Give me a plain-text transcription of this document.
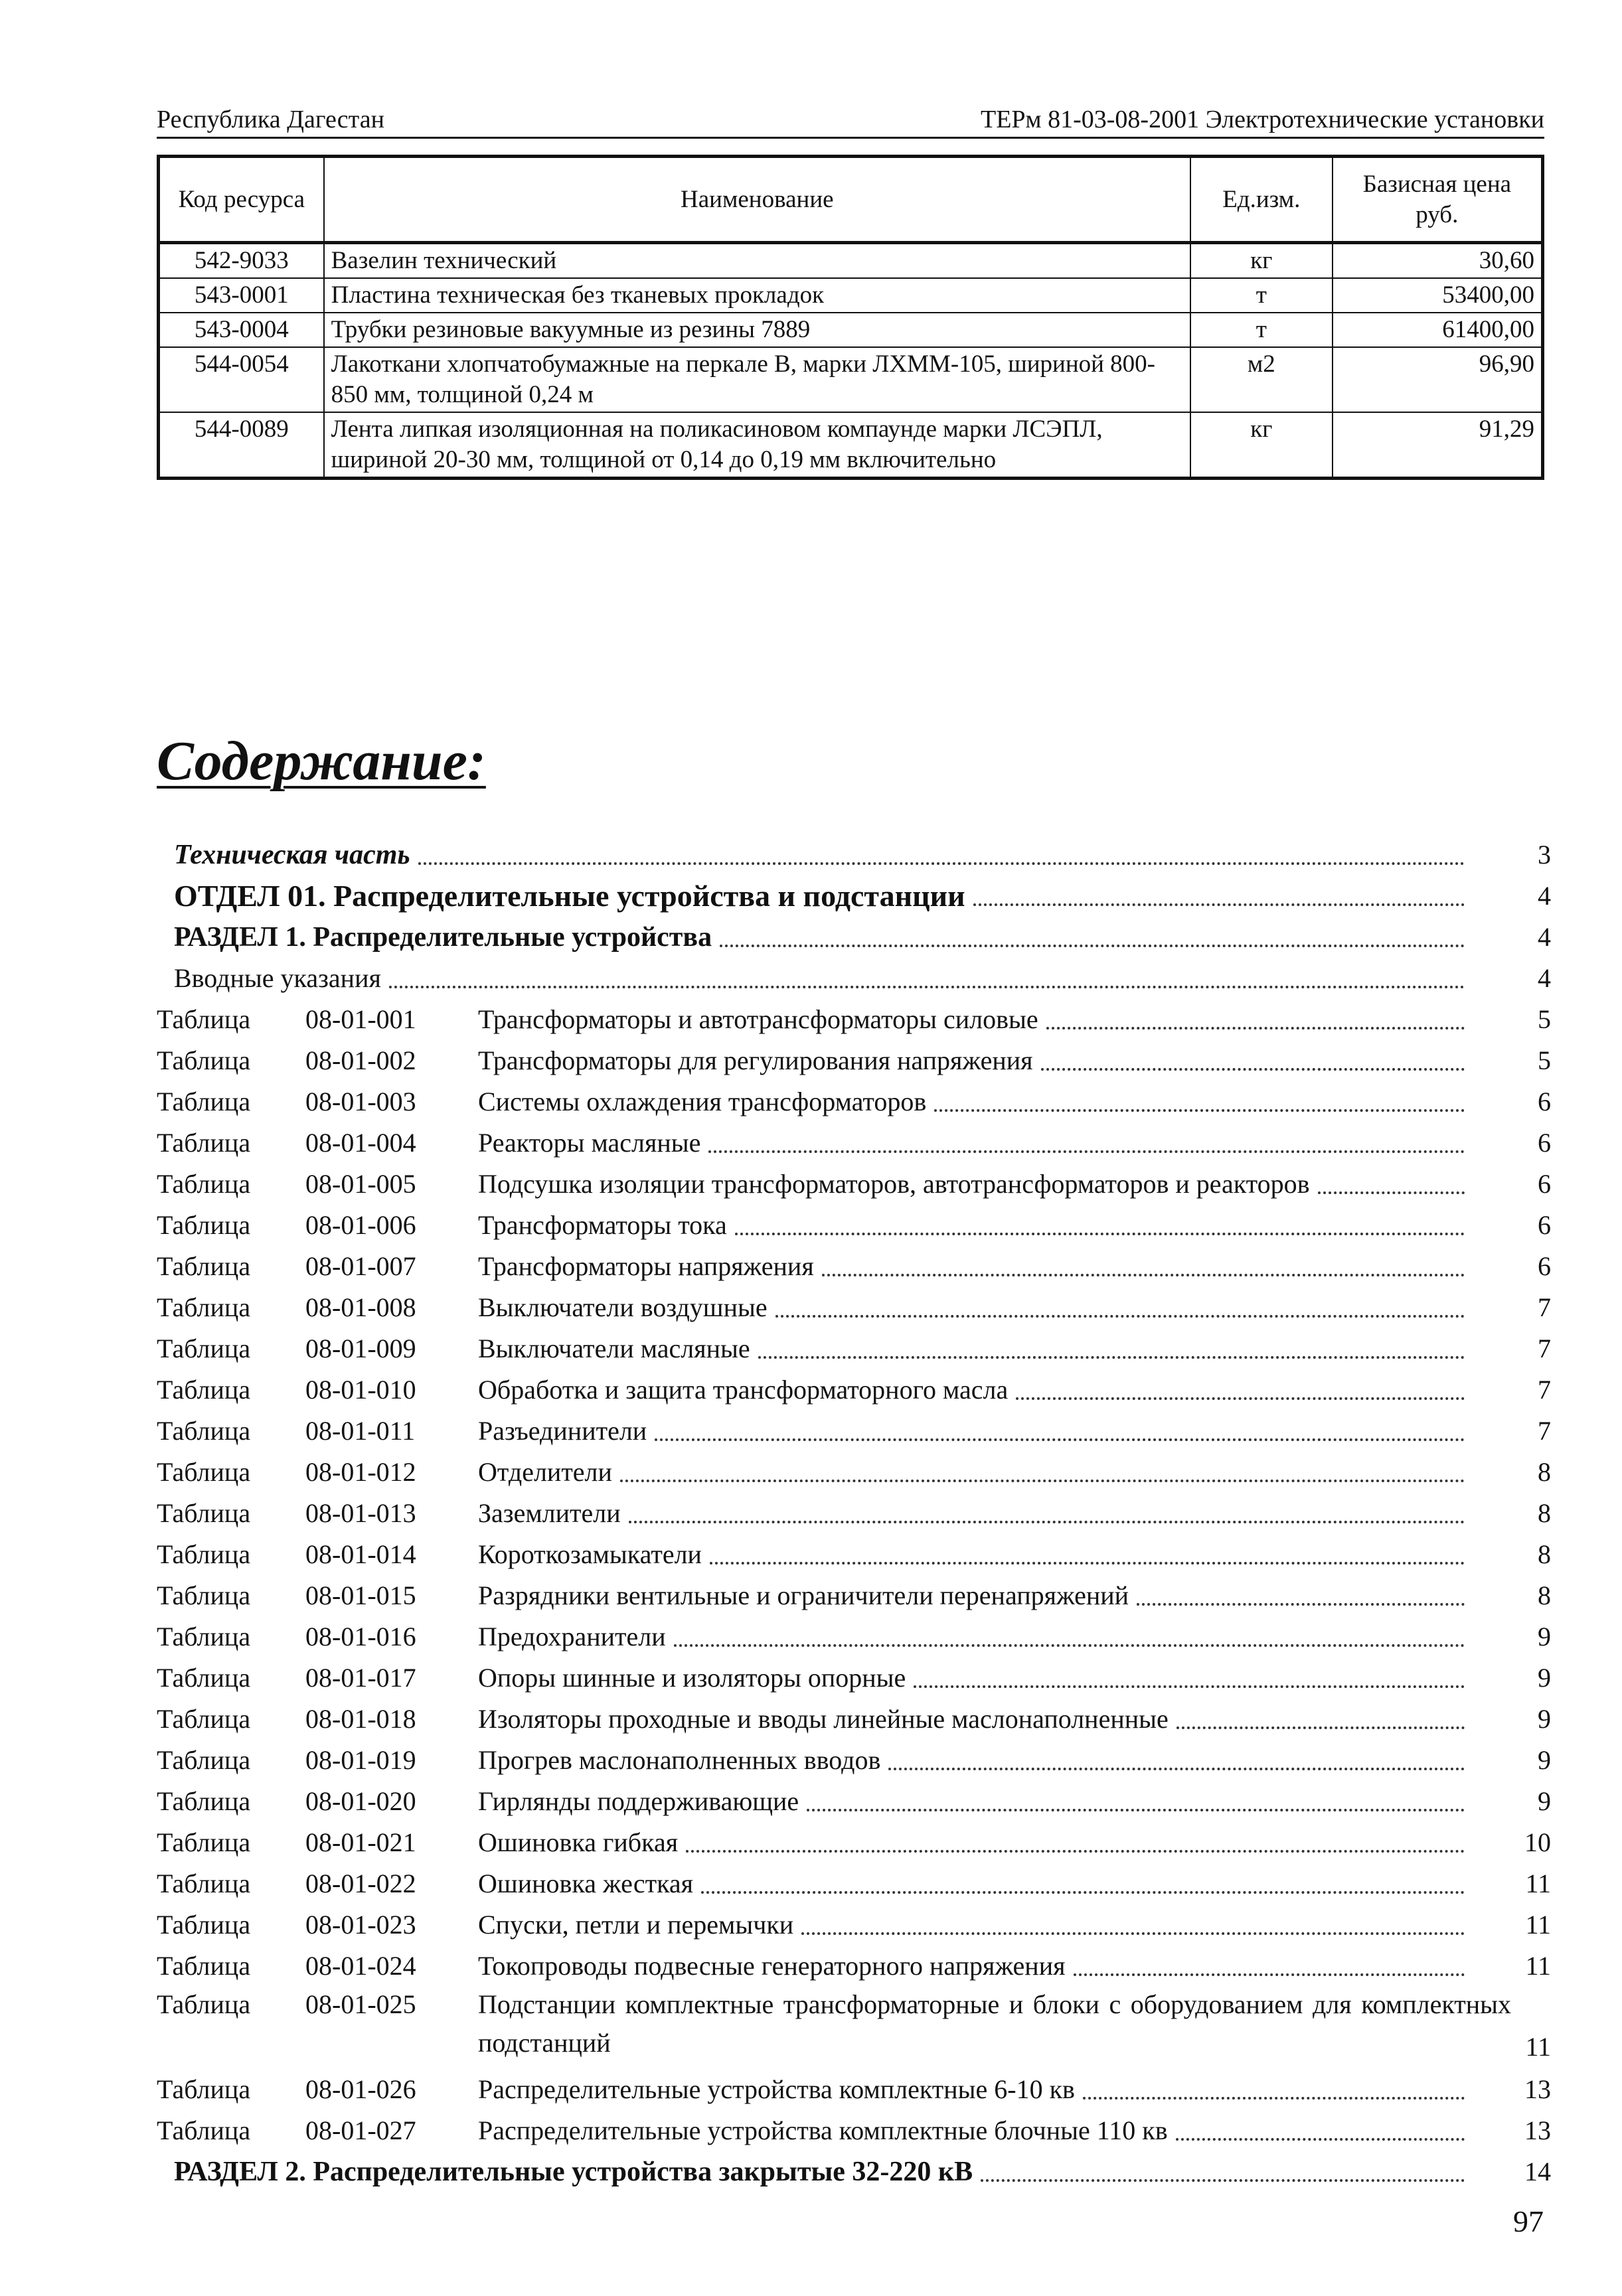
Республика Дагестан	ТЕРм 81-03-08-2001 Электротехнические установки
Код ресурса	Наименование	Ед.изм.	Базисная цена
руб.

542-9033	Вазелин технический	кг	30,60
543-0001	Пластина техническая без тканевых прокладок	т	53400,00
543-0004	Трубки резиновые вакуумные из резины 7889	т	61400,00
544-0054	Лакоткани хлопчатобумажные на перкале В, марки ЛХММ-105, шириной 800-850 мм, толщиной 0,24 м	м2	96,90
544-0089	Лента липкая изоляционная на поликасиновом компаунде марки ЛСЭПЛ, шириной 20-30 мм, толщиной от 0,14 до 0,19 мм включительно	кг	91,29
Содержание:
Техническая часть	3
ОТДЕЛ 01. Распределительные устройства и подстанции	4
РАЗДЕЛ 1. Распределительные устройства	4
Вводные указания	4
Таблица	08-01-001	Трансформаторы и автотрансформаторы силовые	5
Таблица	08-01-002	Трансформаторы для регулирования напряжения	5
Таблица	08-01-003	Системы охлаждения трансформаторов	6
Таблица	08-01-004	Реакторы масляные	6
Таблица	08-01-005	Подсушка изоляции трансформаторов, автотрансформаторов и реакторов	6
Таблица	08-01-006	Трансформаторы тока	6
Таблица	08-01-007	Трансформаторы напряжения	6
Таблица	08-01-008	Выключатели воздушные	7
Таблица	08-01-009	Выключатели масляные	7
Таблица	08-01-010	Обработка и защита трансформаторного масла	7
Таблица	08-01-011	Разъединители	7
Таблица	08-01-012	Отделители	8
Таблица	08-01-013	Заземлители	8
Таблица	08-01-014	Короткозамыкатели	8
Таблица	08-01-015	Разрядники вентильные и ограничители перенапряжений	8
Таблица	08-01-016	Предохранители	9
Таблица	08-01-017	Опоры шинные и изоляторы опорные	9
Таблица	08-01-018	Изоляторы проходные и вводы линейные маслонаполненные	9
Таблица	08-01-019	Прогрев маслонаполненных вводов	9
Таблица	08-01-020	Гирлянды поддерживающие	9
Таблица	08-01-021	Ошиновка гибкая	10
Таблица	08-01-022	Ошиновка жесткая	11
Таблица	08-01-023	Спуски, петли и перемычки	11
Таблица	08-01-024	Токопроводы подвесные генераторного напряжения	11
Таблица	08-01-025	Подстанции комплектные трансформаторные и блоки с оборудованием для комплектных подстанций	11
Таблица	08-01-026	Распределительные устройства комплектные 6-10 кв	13
Таблица	08-01-027	Распределительные устройства комплектные блочные 110 кв	13
РАЗДЕЛ 2. Распределительные устройства закрытые 32-220 кВ	14
97
